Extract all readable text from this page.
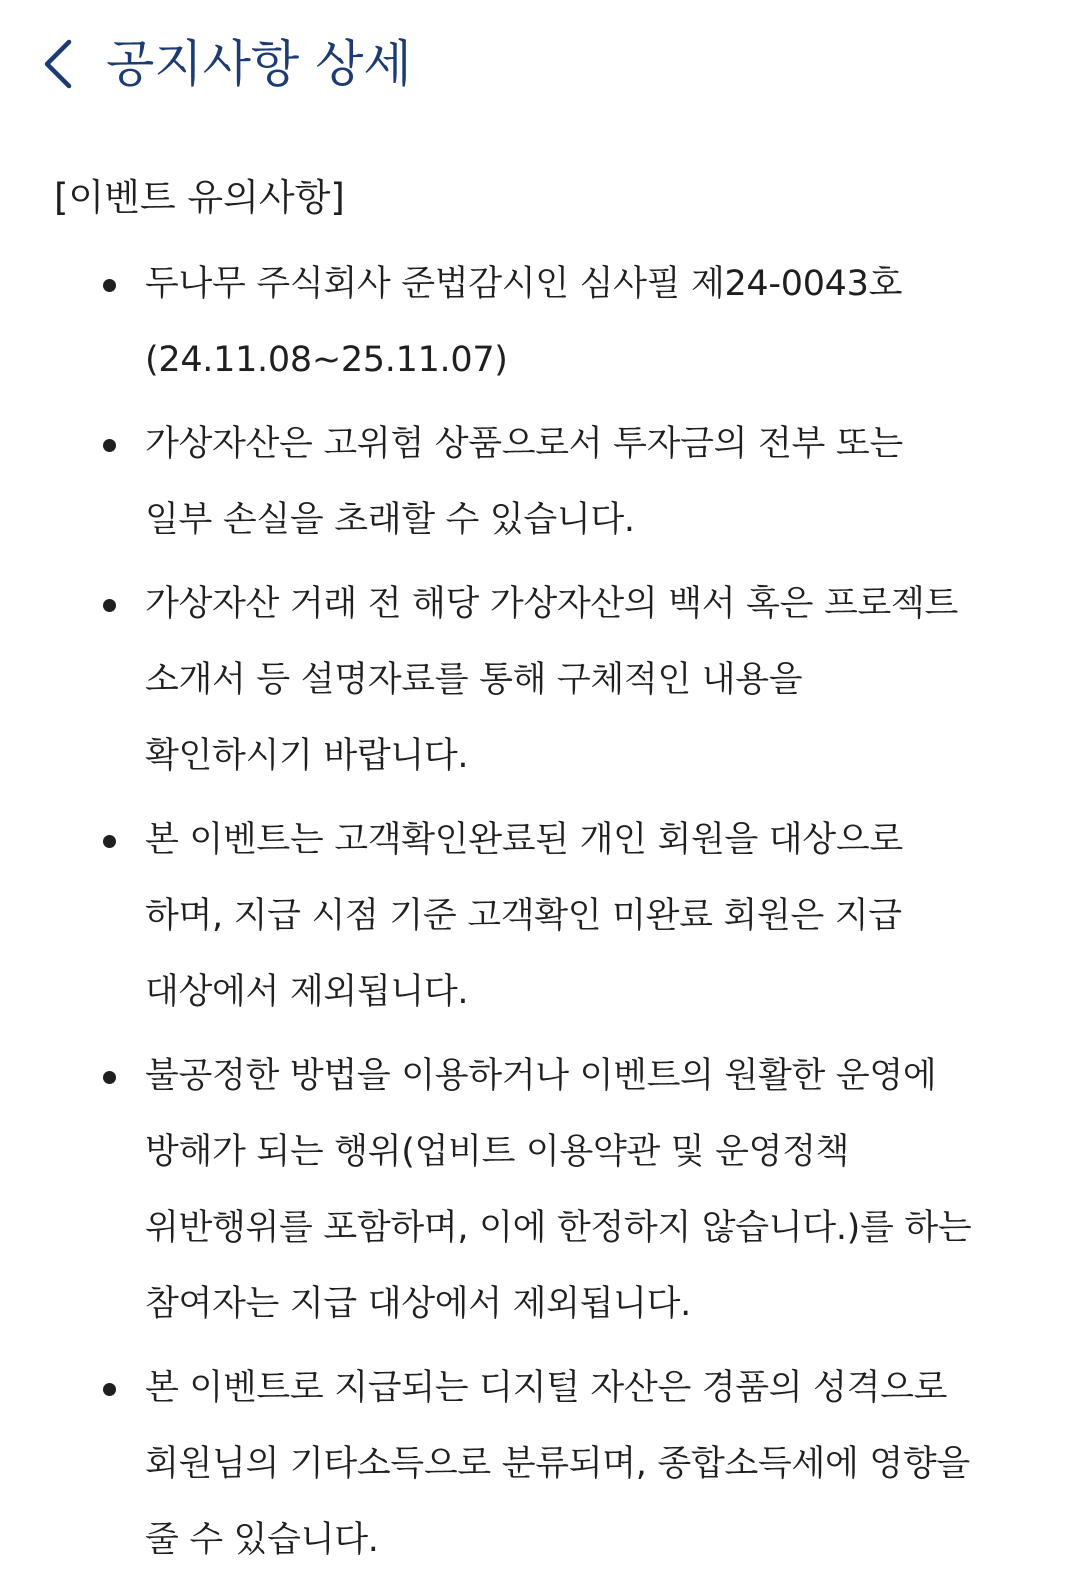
공지사항 상세
[이벤트 유의사항]
두나무 주식회사 준법감시인 심사필 제24-0043호
(24.11.08~25.11.07)
가상자산은 고위험 상품으로서 투자금의 전부 또는
일부 손실을 초래할 수 있습니다.
가상자산 거래 전 해당 가상자산의 백서 혹은 프로젝트
소개서 등 설명자료를 통해 구체적인 내용을
확인하시기 바랍니다.
본 이벤트는 고객확인완료된 개인 회원을 대상으로
하며, 지급 시점 기준 고객확인 미완료 회원은 지급
대상에서 제외됩니다.
불공정한 방법을 이용하거나 이벤트의 원활한 운영에
방해가 되는 행위(업비트 이용약관 및 운영정책
위반행위를 포함하며, 이에 한정하지 않습니다.)를 하는
참여자는 지급 대상에서 제외됩니다.
본 이벤트로 지급되는 디지털 자산은 경품의 성격으로
회원님의 기타소득으로 분류되며, 종합소득세에 영향을
줄 수 있습니다.
